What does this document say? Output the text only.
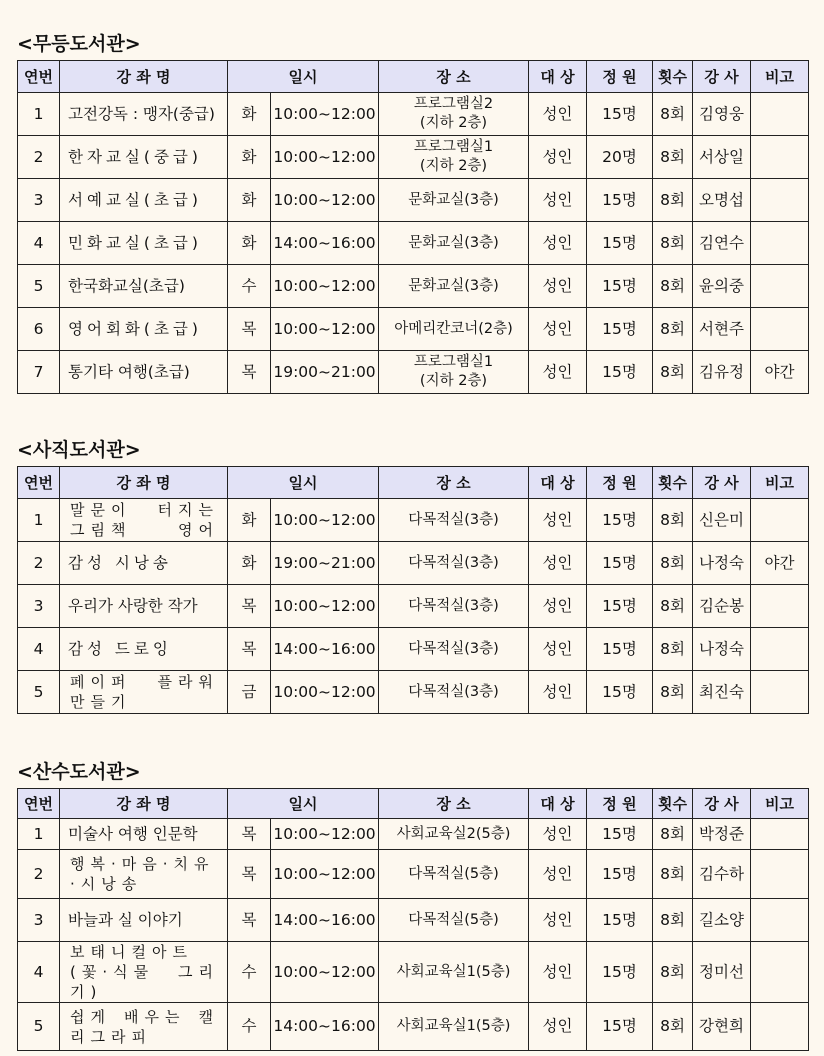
<무등도서관>
연번	강 좌 명	일시		장 소	대 상	정 원	횟수	강 사	비고
1	고전강독 : 맹자(중급)	화	10:00~12:00	프로그램실2
(지하 2층)	성인	15명	8회	김영웅	
2	한자교실(중급)	화	10:00~12:00	프로그램실1
(지하 2층)	성인	20명	8회	서상일	
3	서예교실(초급)	화	10:00~12:00	문화교실(3층)	성인	15명	8회	오명섭	
4	민화교실(초급)	화	14:00~16:00	문화교실(3층)	성인	15명	8회	김연수	
5	한국화교실(초급)	수	10:00~12:00	문화교실(3층)	성인	15명	8회	윤의중	
6	영어회화(초급)	목	10:00~12:00	아메리칸코너(2층)	성인	15명	8회	서현주	
7	통기타 여행(초급)	목	19:00~21:00	프로그램실1
(지하 2층)	성인	15명	8회	김유정	야간
<사직도서관>
연번	강 좌 명	일시		장 소	대 상	정 원	횟수	강 사	비고
1	말문이 터지는 그림책 영어	화	10:00~12:00	다목적실(3층)	성인	15명	8회	신은미	
2	감성 시낭송	화	19:00~21:00	다목적실(3층)	성인	15명	8회	나정숙	야간
3	우리가 사랑한 작가	목	10:00~12:00	다목적실(3층)	성인	15명	8회	김순봉	
4	감성 드로잉	목	14:00~16:00	다목적실(3층)	성인	15명	8회	나정숙	
5	페이퍼 플라워 만들기	금	10:00~12:00	다목적실(3층)	성인	15명	8회	최진숙	
<산수도서관>
연번	강 좌 명	일시		장 소	대 상	정 원	횟수	강 사	비고
1	미술사 여행 인문학	목	10:00~12:00	사회교육실2(5층)	성인	15명	8회	박정준	
2	행복·마음·치유·시낭송	목	10:00~12:00	다목적실(5층)	성인	15명	8회	김수하	
3	바늘과 실 이야기	목	14:00~16:00	다목적실(5층)	성인	15명	8회	길소양	
4	보태니컬아트 (꽃·식물 그리기)	수	10:00~12:00	사회교육실1(5층)	성인	15명	8회	정미선	
5	쉽게 배우는 캘리그라피	수	14:00~16:00	사회교육실1(5층)	성인	15명	8회	강현희	
